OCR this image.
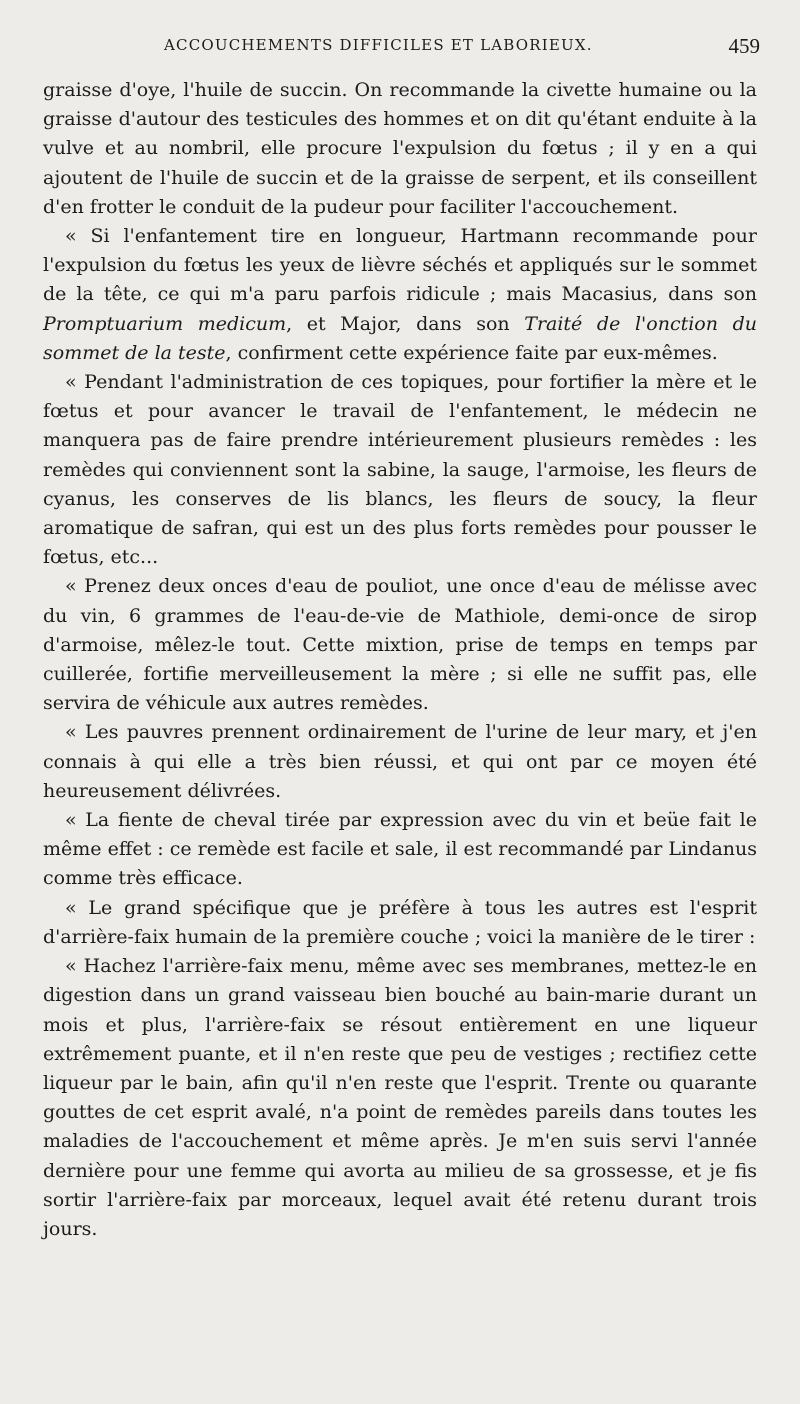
ACCOUCHEMENTS DIFFICILES ET LABORIEUX.	459

graisse d'oye, l'huile de succin. On recommande la civette humaine ou la graisse d'autour des testicules des hommes et on dit qu'étant enduite à la vulve et au nombril, elle procure l'expulsion du fœtus ; il y en a qui ajoutent de l'huile de succin et de la graisse de serpent, et ils conseillent d'en frotter le conduit de la pudeur pour faciliter l'accouchement.

« Si l'enfantement tire en longueur, Hartmann recommande pour l'expulsion du fœtus les yeux de lièvre séchés et appliqués sur le sommet de la tête, ce qui m'a paru parfois ridicule ; mais Macasius, dans son Promptuarium medicum, et Major, dans son Traité de l'onction du sommet de la teste, confirment cette expérience faite par eux-mêmes.

« Pendant l'administration de ces topiques, pour fortifier la mère et le fœtus et pour avancer le travail de l'enfantement, le médecin ne manquera pas de faire prendre intérieurement plusieurs remèdes : les remèdes qui conviennent sont la sabine, la sauge, l'armoise, les fleurs de cyanus, les conserves de lis blancs, les fleurs de soucy, la fleur aromatique de safran, qui est un des plus forts remèdes pour pousser le fœtus, etc...

« Prenez deux onces d'eau de pouliot, une once d'eau de mélisse avec du vin, 6 grammes de l'eau-de-vie de Mathiole, demi-once de sirop d'armoise, mêlez-le tout. Cette mixtion, prise de temps en temps par cuillerée, fortifie merveilleusement la mère ; si elle ne suffit pas, elle servira de véhicule aux autres remèdes.

« Les pauvres prennent ordinairement de l'urine de leur mary, et j'en connais à qui elle a très bien réussi, et qui ont par ce moyen été heureusement délivrées.

« La fiente de cheval tirée par expression avec du vin et beüe fait le même effet : ce remède est facile et sale, il est recommandé par Lindanus comme très efficace.

« Le grand spécifique que je préfère à tous les autres est l'esprit d'arrière-faix humain de la première couche ; voici la manière de le tirer :

« Hachez l'arrière-faix menu, même avec ses membranes, mettez-le en digestion dans un grand vaisseau bien bouché au bain-marie durant un mois et plus, l'arrière-faix se résout entièrement en une liqueur extrêmement puante, et il n'en reste que peu de vestiges ; rectifiez cette liqueur par le bain, afin qu'il n'en reste que l'esprit. Trente ou quarante gouttes de cet esprit avalé, n'a point de remèdes pareils dans toutes les maladies de l'accouchement et même après. Je m'en suis servi l'année dernière pour une femme qui avorta au milieu de sa grossesse, et je fis sortir l'arrière-faix par morceaux, lequel avait été retenu durant trois jours.
